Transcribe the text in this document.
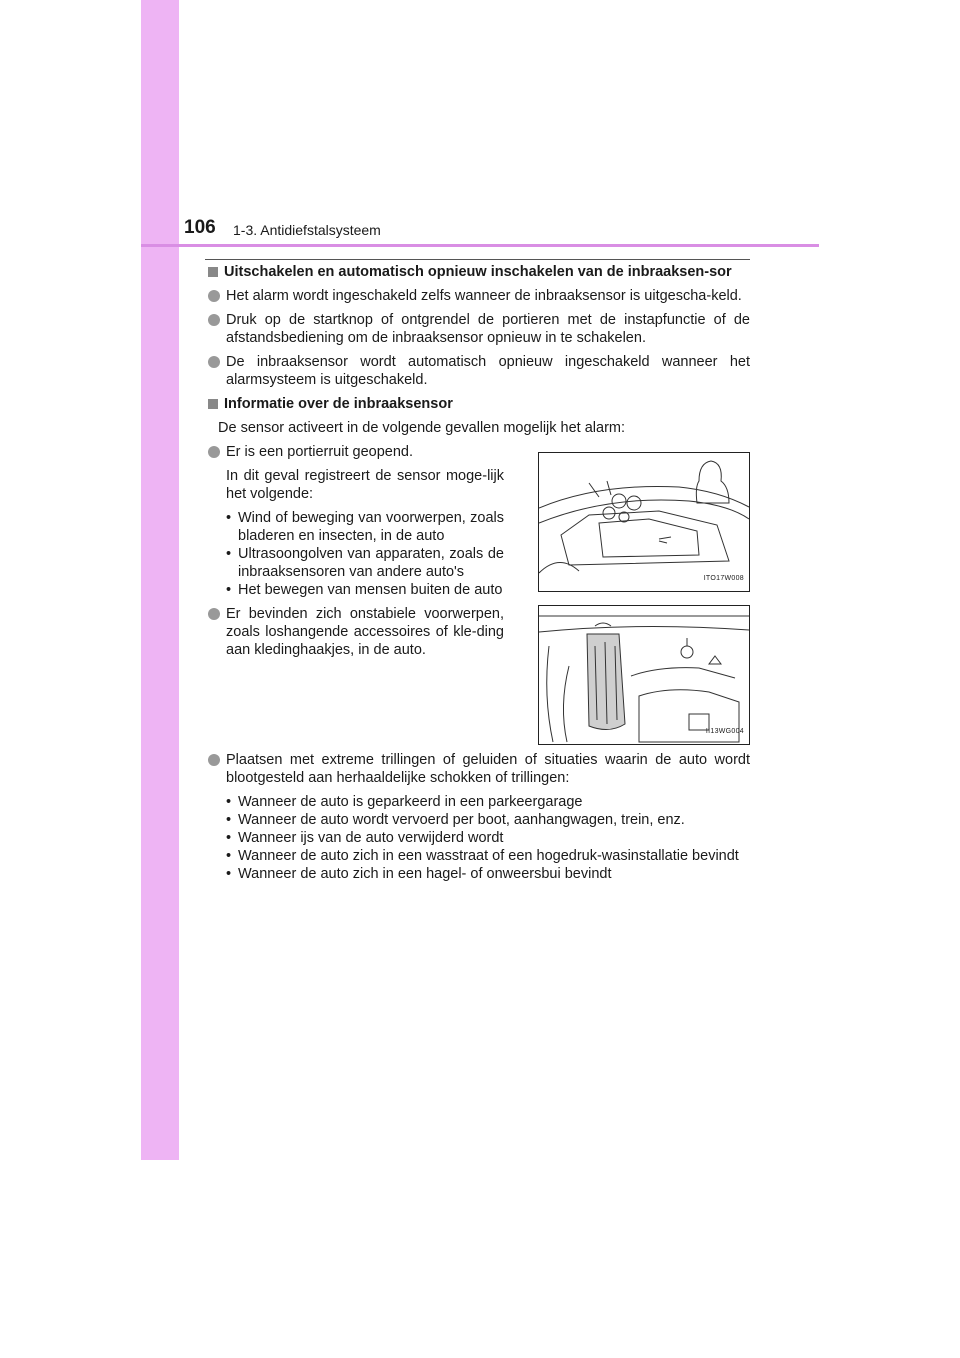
106 1-3. Antidiefstalsysteem
Uitschakelen en automatisch opnieuw inschakelen van de inbraaksen-sor
Het alarm wordt ingeschakeld zelfs wanneer de inbraaksensor is uitgescha-keld.
Druk op de startknop of ontgrendel de portieren met de instapfunctie of de afstandsbediening om de inbraaksensor opnieuw in te schakelen.
De inbraaksensor wordt automatisch opnieuw ingeschakeld wanneer het alarmsysteem is uitgeschakeld.
Informatie over de inbraaksensor
De sensor activeert in de volgende gevallen mogelijk het alarm:
Er is een portierruit geopend.
In dit geval registreert de sensor moge-lijk het volgende:
• Wind of beweging van voorwerpen, zoals bladeren en insecten, in de auto
• Ultrasoongolven van apparaten, zoals de inbraaksensoren van andere auto's
• Het bewegen van mensen buiten de auto
ITO17W008
Er bevinden zich onstabiele voorwerpen, zoals loshangende accessoires of kle-ding aan kledinghaakjes, in de auto.
II13WG004
Plaatsen met extreme trillingen of geluiden of situaties waarin de auto wordt blootgesteld aan herhaaldelijke schokken of trillingen:
• Wanneer de auto is geparkeerd in een parkeergarage
• Wanneer de auto wordt vervoerd per boot, aanhangwagen, trein, enz.
• Wanneer ijs van de auto verwijderd wordt
• Wanneer de auto zich in een wasstraat of een hogedruk-wasinstallatie bevindt
• Wanneer de auto zich in een hagel- of onweersbui bevindt
